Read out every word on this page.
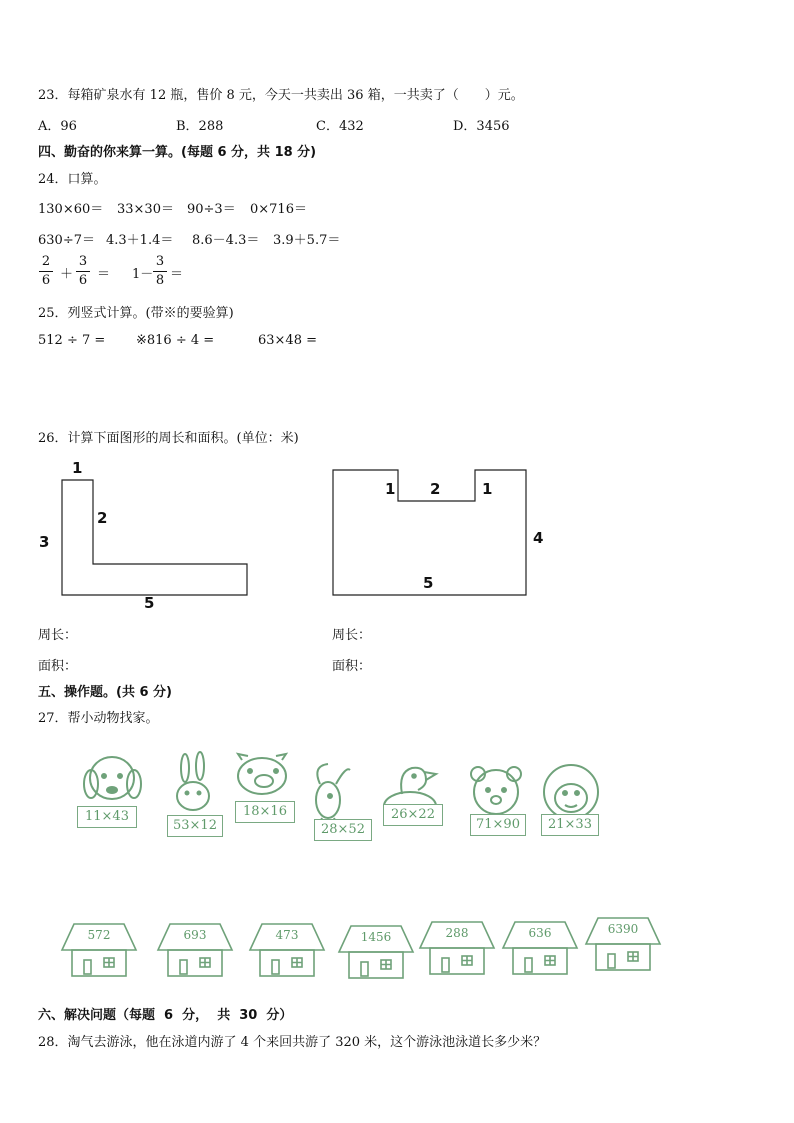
23．每箱矿泉水有 12 瓶，售价 8 元，今天一共卖出 36 箱，一共卖了（　　）元。
A．96	B．288	C．432	D．3456
四、勤奋的你来算一算。(每题 6 分，共 18 分)
24．口算。
130×60＝ 33×30＝ 90÷3＝ 0×716＝
630÷7＝ 4.3＋1.4＝ 8.6－4.3＝ 3.9＋5.7＝
2
6 ＋
3
6 ＝ 1－
3
8 ＝
25．列竖式计算。(带※的要验算)
512 ÷ 7 = ※816 ÷ 4 =	63×48 =
26．计算下面图形的周长和面积。(单位：米)
1
2
3
5
1 2	1
4
5
周长：	周长：
面积：	面积：
五、操作题。(共 6 分)
27．帮小动物找家。
11×43
53×12
18×16
28×52
26×22
71×90	21×33
572	693	473	1456	288	636	6390
六、解决问题（每题  6  分，  共  30  分）
28．淘气去游泳，他在泳道内游了 4 个来回共游了 320 米，这个游泳池泳道长多少米？
